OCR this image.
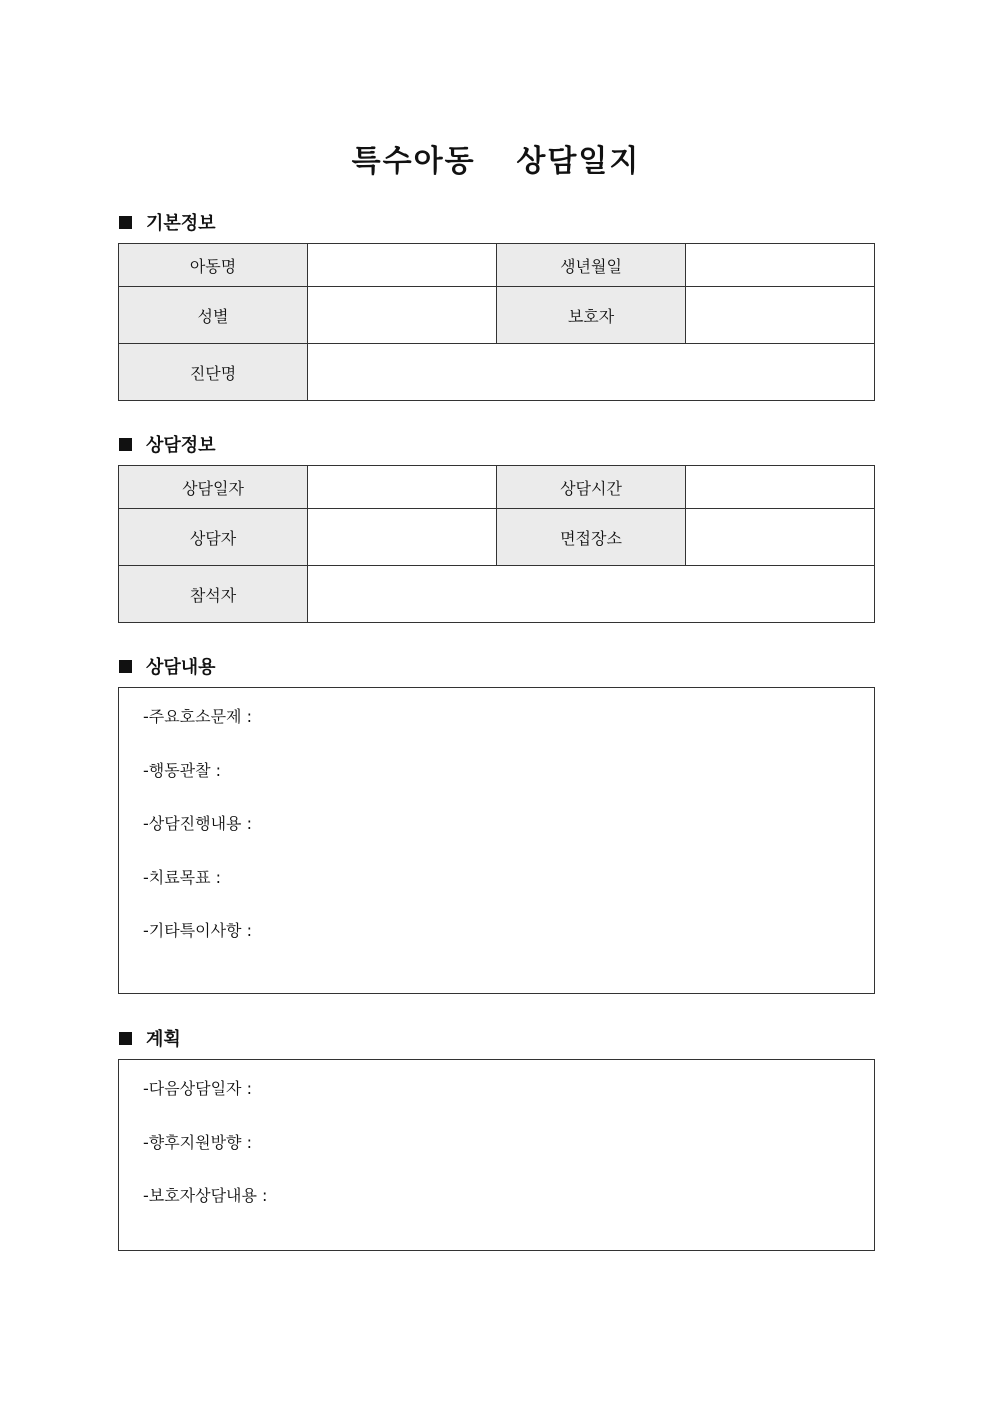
특수아동  상담일지
기본정보
아동명		생년월일	
성별		보호자	
진단명			
상담정보
상담일자		상담시간	
상담자		면접장소	
참석자			
상담내용
-주요호소문제 :
-행동관찰 :
-상담진행내용 :
-치료목표 :
-기타특이사항 :
계획
-다음상담일자 :
-향후지원방향 :
-보호자상담내용 :
